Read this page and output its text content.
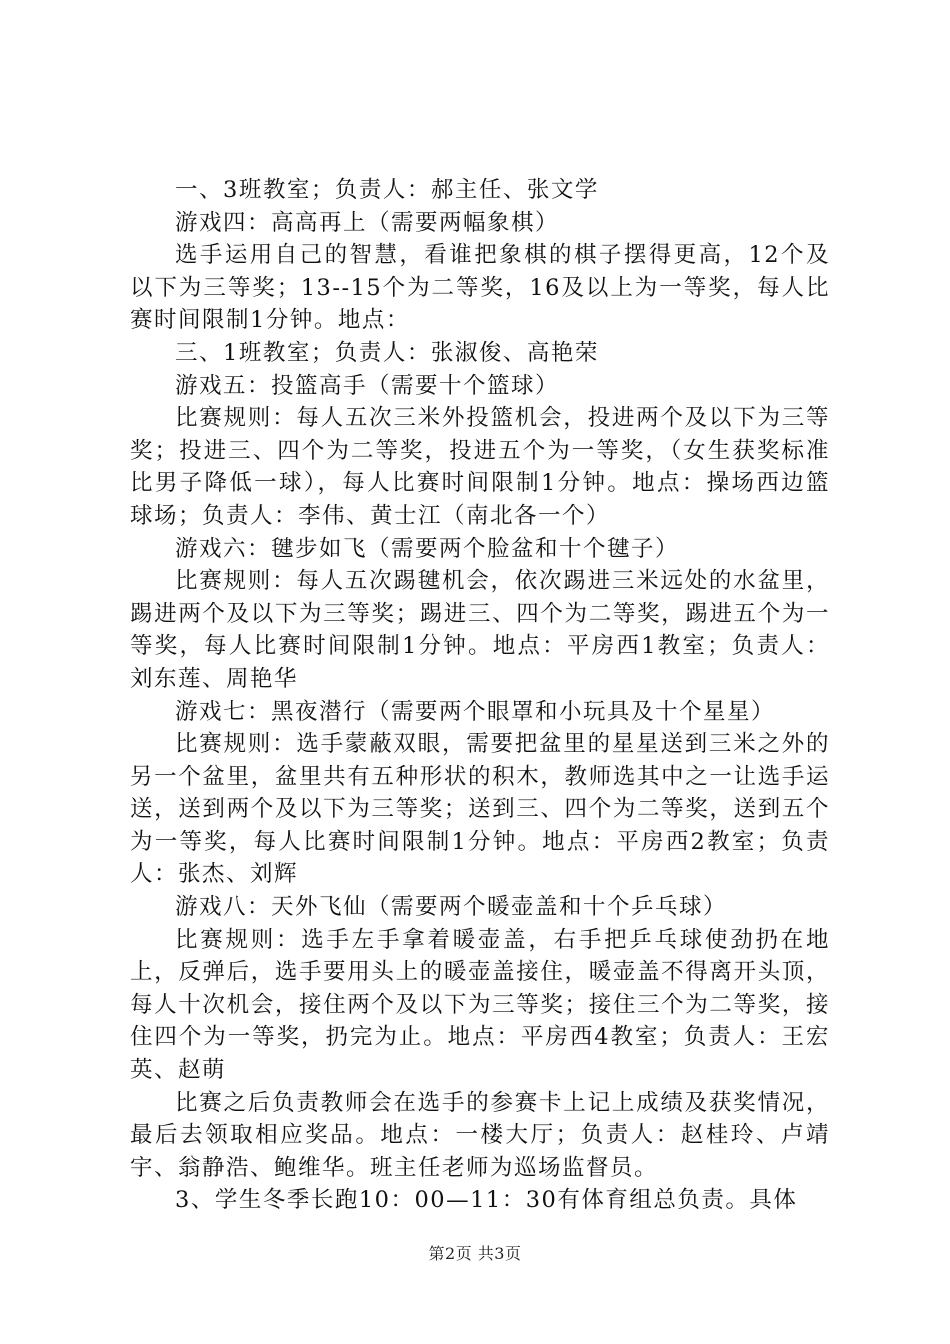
一、3班教室；负责人：郝主任、张文学

游戏四：高高再上（需要两幅象棋）

选手运用自己的智慧，看谁把象棋的棋子摆得更高，12个及以下为三等奖；13--15个为二等奖，16及以上为一等奖，每人比赛时间限制1分钟。地点：

三、1班教室；负责人：张淑俊、高艳荣

游戏五：投篮高手（需要十个篮球）

比赛规则：每人五次三米外投篮机会，投进两个及以下为三等奖；投进三、四个为二等奖，投进五个为一等奖，（女生获奖标准比男子降低一球），每人比赛时间限制1分钟。地点：操场西边篮球场；负责人：李伟、黄士江（南北各一个）

游戏六：毽步如飞（需要两个脸盆和十个毽子）

比赛规则：每人五次踢毽机会，依次踢进三米远处的水盆里，踢进两个及以下为三等奖；踢进三、四个为二等奖，踢进五个为一等奖，每人比赛时间限制1分钟。地点：平房西1教室；负责人：刘东莲、周艳华

游戏七：黑夜潜行（需要两个眼罩和小玩具及十个星星）

比赛规则：选手蒙蔽双眼，需要把盆里的星星送到三米之外的另一个盆里，盆里共有五种形状的积木，教师选其中之一让选手运送，送到两个及以下为三等奖；送到三、四个为二等奖，送到五个为一等奖，每人比赛时间限制1分钟。地点：平房西2教室；负责人：张杰、刘辉

游戏八：天外飞仙（需要两个暖壶盖和十个乒乓球）

比赛规则：选手左手拿着暖壶盖，右手把乒乓球使劲扔在地上，反弹后，选手要用头上的暖壶盖接住，暖壶盖不得离开头顶，每人十次机会，接住两个及以下为三等奖；接住三个为二等奖，接住四个为一等奖，扔完为止。地点：平房西4教室；负责人：王宏英、赵萌

比赛之后负责教师会在选手的参赛卡上记上成绩及获奖情况，最后去领取相应奖品。地点：一楼大厅；负责人：赵桂玲、卢靖宇、翁静浩、鲍维华。班主任老师为巡场监督员。

3、学生冬季长跑10：00—11：30有体育组总负责。具体

第2页 共3页
